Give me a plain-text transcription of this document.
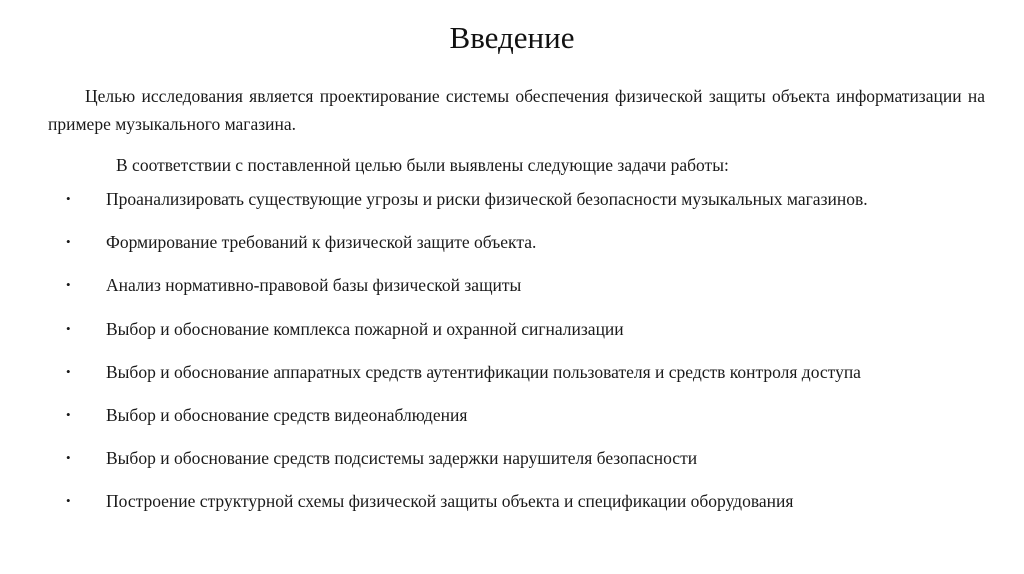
Введение

Целью исследования является проектирование системы обеспечения физической защиты объекта информатизации на примере музыкального магазина.

В соответствии с поставленной целью были выявлены следующие задачи работы:

• Проанализировать существующие угрозы и риски физической безопасности музыкальных магазинов.
• Формирование требований к физической защите объекта.
• Анализ нормативно-правовой базы физической защиты
• Выбор и обоснование комплекса пожарной и охранной сигнализации
• Выбор и обоснование аппаратных средств аутентификации пользователя и средств контроля доступа
• Выбор и обоснование средств видеонаблюдения
• Выбор и обоснование средств подсистемы задержки нарушителя безопасности
• Построение структурной схемы физической защиты объекта и спецификации оборудования
